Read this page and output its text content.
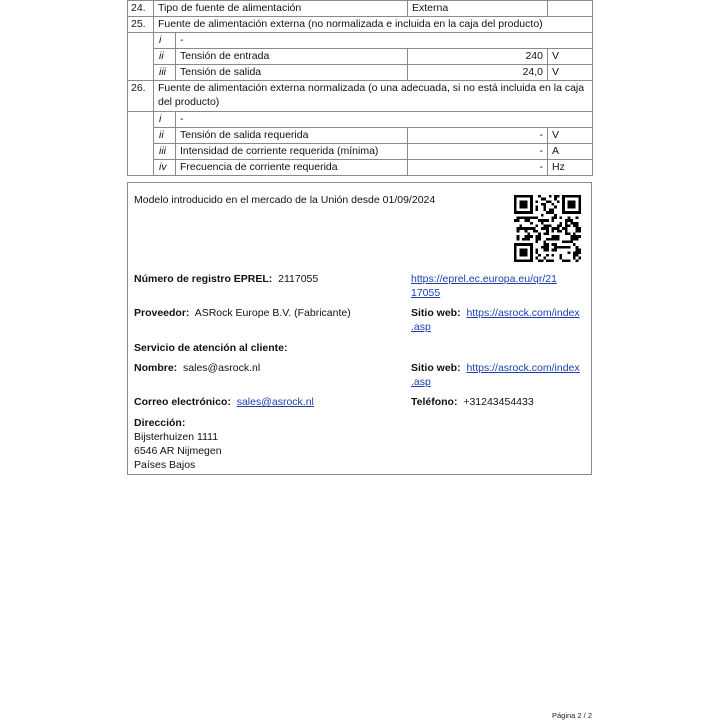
24.	Tipo de fuente de alimentación		Externa	
25.	Fuente de alimentación externa (no normalizada e incluida en la caja del producto)			
	i	-		
	ii	Tensión de entrada	240	V
	iii	Tensión de salida	24,0	V
26.	Fuente de alimentación externa normalizada (o una adecuada, si no está incluida en la caja del producto)			
	i	-		
	ii	Tensión de salida requerida	-	V
	iii	Intensidad de corriente requerida (mínima)	-	A
	iv	Frecuencia de corriente requerida	-	Hz
Modelo introducido en el mercado de la Unión desde 01/09/2024
Número de registro EPREL: 2117055	https://eprel.ec.europa.eu/qr/21
17055
Proveedor: ASRock Europe B.V. (Fabricante)	Sitio web: https://asrock.com/index
.asp
Servicio de atención al cliente:
Nombre: sales@asrock.nl	Sitio web: https://asrock.com/index
.asp
Correo electrónico: sales@asrock.nl	Teléfono: +31243454433
Dirección:
Bijsterhuizen 1111
6546 AR Nijmegen
Países Bajos
Página 2 / 2
